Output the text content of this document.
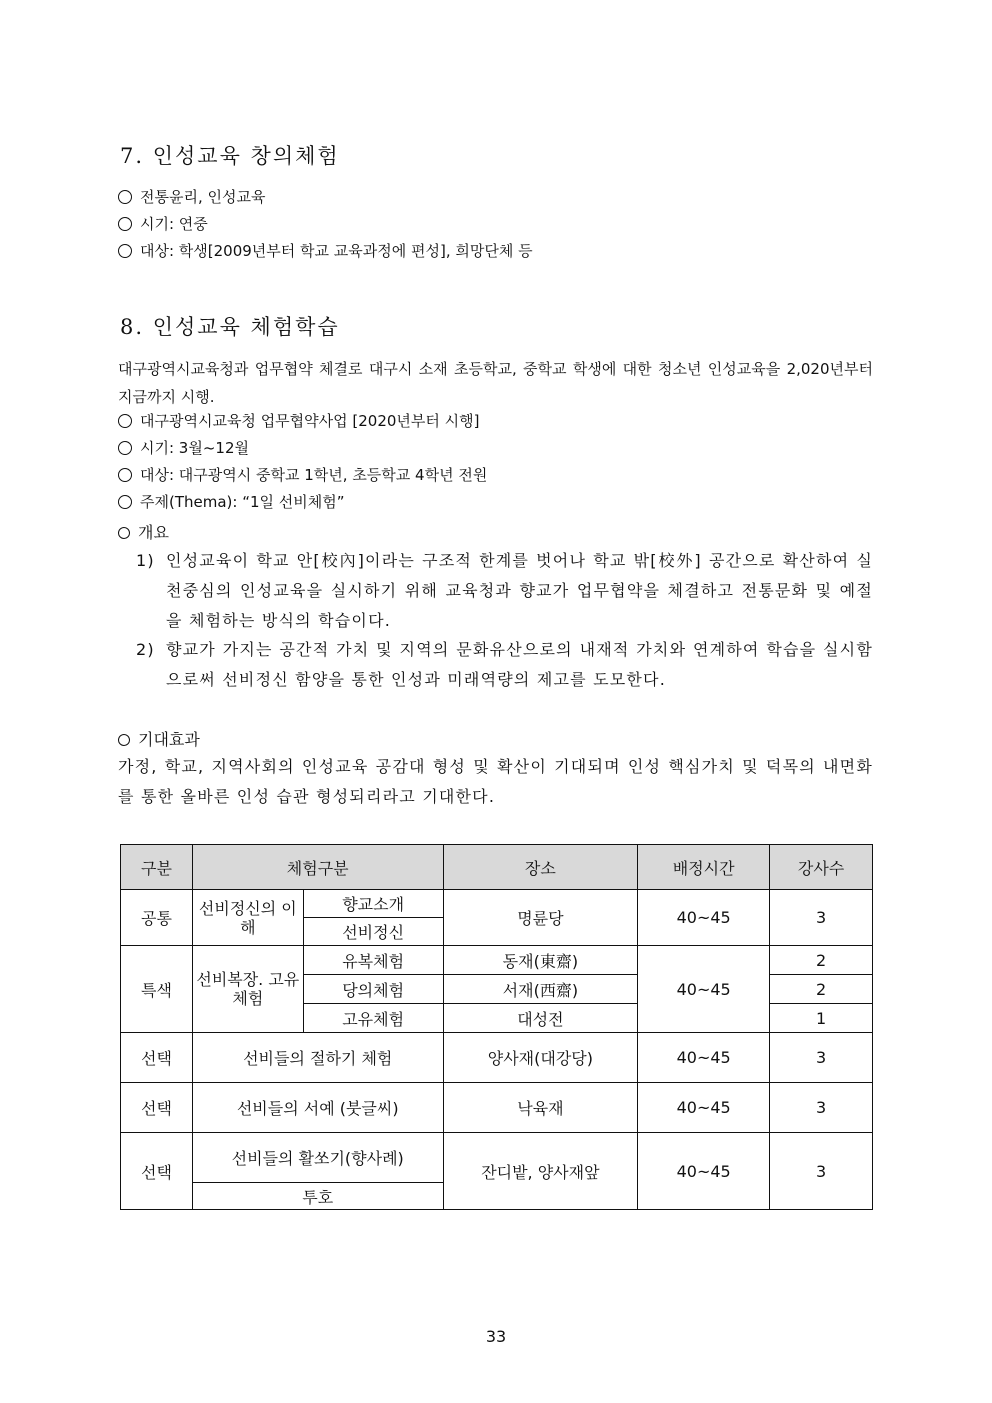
7. 인성교육 창의체험
전통윤리, 인성교육
시기: 연중
대상: 학생[2009년부터 학교 교육과정에 편성], 희망단체 등
8. 인성교육 체험학습
대구광역시교육청과 업무협약 체결로 대구시 소재 초등학교, 중학교 학생에 대한 청소년 인성교육을 2,020년부터 지금까지 시행.
대구광역시교육청 업무협약사업 [2020년부터 시행]
시기: 3월~12월
대상: 대구광역시 중학교 1학년, 초등학교 4학년 전원
주제(Thema): “1일 선비체험”
개요
1) 인성교육이 학교 안[校內]이라는 구조적 한계를 벗어나 학교 밖[校外] 공간으로 확산하여 실천중심의 인성교육을 실시하기 위해 교육청과 향교가 업무협약을 체결하고 전통문화 및 예절을 체험하는 방식의 학습이다.
2) 향교가 가지는 공간적 가치 및 지역의 문화유산으로의 내재적 가치와 연계하여 학습을 실시함으로써 선비정신 함양을 통한 인성과 미래역량의 제고를 도모한다.
기대효과
가정, 학교, 지역사회의 인성교육 공감대 형성 및 확산이 기대되며 인성 핵심가치 및 덕목의 내면화를 통한 올바른 인성 습관 형성되리라고 기대한다.
구분	체험구분		장소	배정시간	강사수
공통	선비정신의 이해	향교소개	명륜당	40~45	3
		선비정신			
특색	선비복장. 고유체험	유복체험	동재(東齋)	40~45	2
		당의체험	서재(西齋)		2
		고유체험	대성전		1
선택	선비들의 절하기 체험		양사재(대강당)	40~45	3
선택	선비들의 서예 (붓글씨)		낙육재	40~45	3
선택	선비들의 활쏘기(향사례)		잔디밭, 양사재앞	40~45	3
	투호				
33
